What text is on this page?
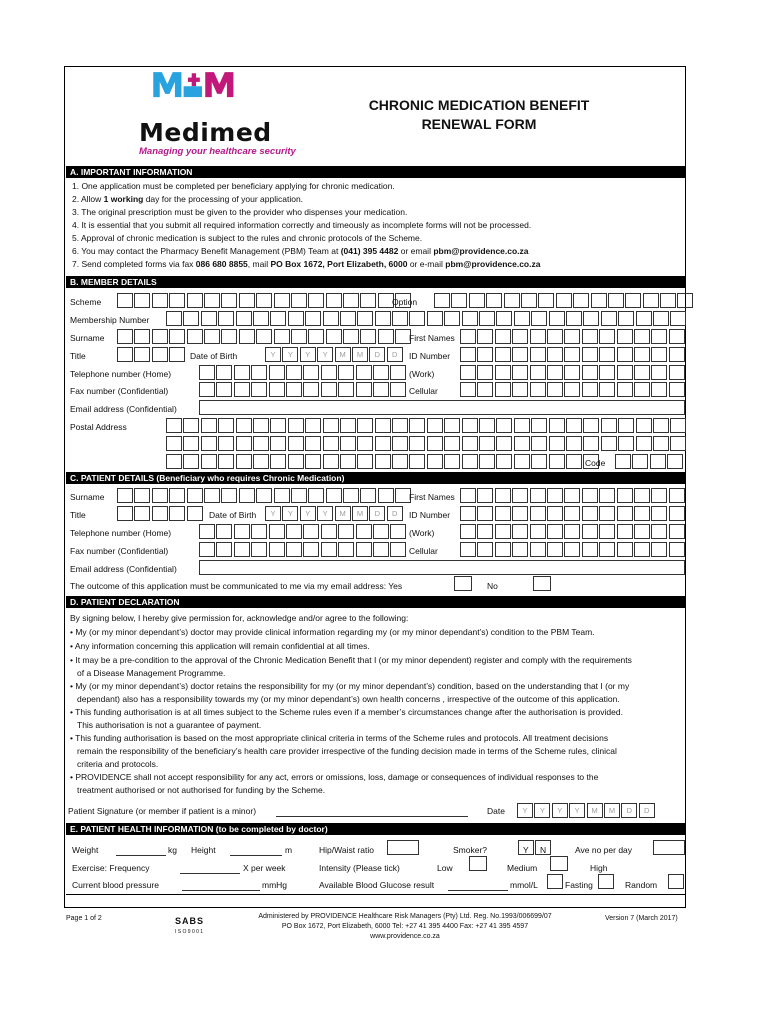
Medimed
Managing your healthcare security
CHRONIC MEDICATION BENEFIT
RENEWAL FORM
A. IMPORTANT INFORMATION
1. One application must be completed per beneficiary applying for chronic medication.
2. Allow 1 working day for the processing of your application.
3. The original prescription must be given to the provider who dispenses your medication.
4. It is essential that you submit all required information correctly and timeously as incomplete forms will not be processed.
5. Approval of chronic medication is subject to the rules and chronic protocols of the Scheme.
6. You may contact the Pharmacy Benefit Management (PBM) Team at (041) 395 4482 or email pbm@providence.co.za
7. Send completed forms via fax 086 680 8855, mail PO Box 1672, Port Elizabeth, 6000 or e-mail pbm@providence.co.za
B. MEMBER DETAILS
Scheme	Option
Membership Number
Surname	First Names
Title	Date of Birth	Y	Y	Y	Y	M	M	D	D	ID Number
Telephone number (Home)	(Work)
Fax number (Confidential)	Cellular
Email address (Confidential)
Postal Address
Code
C. PATIENT DETAILS (Beneficiary who requires Chronic Medication)
Surname	First Names
Title	Date of Birth	Y	Y	Y	Y	M	M	D	D	ID Number
Telephone number (Home)	(Work)
Fax number (Confidential)	Cellular
Email address (Confidential)
The outcome of this application must be communicated to me via my email address: Yes	No
D. PATIENT DECLARATION
By signing below, I hereby give permission for, acknowledge and/or agree to the following:
• My (or my minor dependant’s) doctor may provide clinical information regarding my (or my minor dependant’s) condition to the PBM Team.
• Any information concerning this application will remain confidential at all times.
• It may be a pre-condition to the approval of the Chronic Medication Benefit that I (or my minor dependent) register and comply with the requirements
of a Disease Management Programme.
• My (or my minor dependant’s) doctor retains the responsibility for my (or my minor dependant’s) condition, based on the understanding that I (or my
dependant) also has a responsibility towards my (or my minor dependant’s) own health concerns , irrespective of the outcome of this application.
• This funding authorisation is at all times subject to the Scheme rules even if a member’s circumstances change after the authorisation is provided.
This authorisation is not a guarantee of payment.
• This funding authorisation is based on the most appropriate clinical criteria in terms of the Scheme rules and protocols. All treatment decisions
remain the responsibility of the beneficiary’s health care provider irrespective of the funding decision made in terms of the Scheme rules, clinical
criteria and protocols.
• PROVIDENCE shall not accept responsibility for any act, errors or omissions, loss, damage or consequences of individual responses to the
treatment authorised or not authorised for funding by the Scheme.
Patient Signature (or member if patient is a minor)	Date	Y	Y	Y	Y	M	M	D	D
E. PATIENT HEALTH INFORMATION (to be completed by doctor)
Weight	kg Height	m	Hip/Waist ratio	Smoker?	Y N	Ave no per day
Exercise: Frequency	X per week	Intensity (Please tick)	Low	Medium	High
Current blood pressure	mmHg	Available Blood Glucose result	mmol/L	Fasting	Random
Page 1 of 2	SABS
I S O 9 0 0 1
Administered by PROVIDENCE Healthcare Risk Managers (Pty) Ltd. Reg. No.1993/006699/07
PO Box 1672, Port Elizabeth, 6000 Tel: +27 41 395 4400 Fax: +27 41 395 4597
www.providence.co.za
Version 7 (March 2017)
